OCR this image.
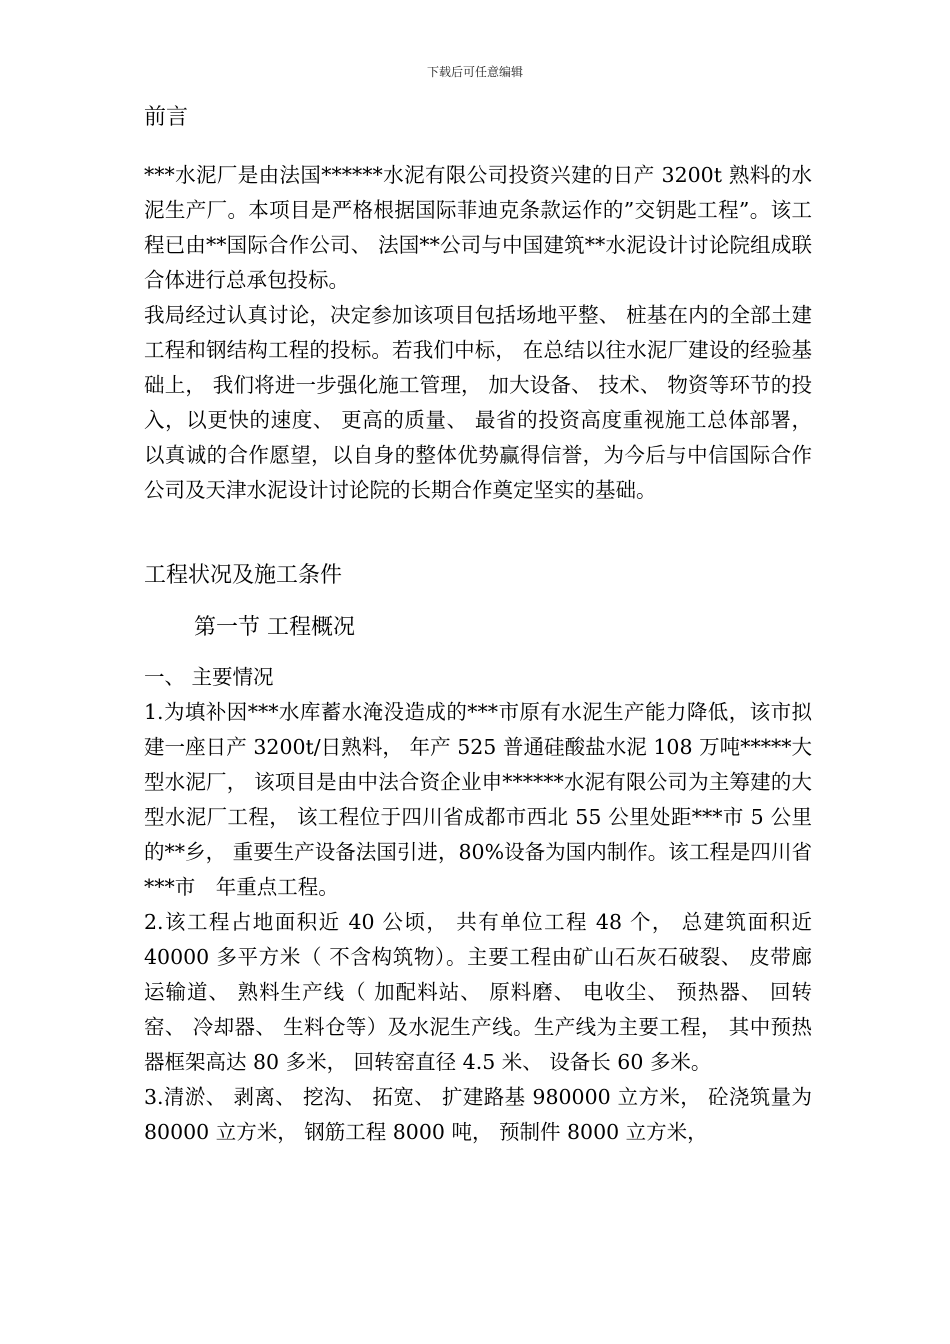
下载后可任意编辑
前言

***水泥厂是由法国******水泥有限公司投资兴建的日产 3200t 熟料的水泥生产厂。本项目是严格根据国际菲迪克条款运作的”交钥匙工程”。该工程已由**国际合作公司、 法国**公司与中国建筑**水泥设计讨论院组成联合体进行总承包投标。

我局经过认真讨论，决定参加该项目包括场地平整、 桩基在内的全部土建工程和钢结构工程的投标。若我们中标， 在总结以往水泥厂建设的经验基础上， 我们将进一步强化施工管理， 加大设备、 技术、 物资等环节的投入，以更快的速度、 更高的质量、 最省的投资高度重视施工总体部署，以真诚的合作愿望，以自身的整体优势赢得信誉，为今后与中信国际合作公司及天津水泥设计讨论院的长期合作奠定坚实的基础。

工程状况及施工条件
第一节 工程概况

一、 主要情况

1.为填补因***水库蓄水淹没造成的***市原有水泥生产能力降低，该市拟建一座日产 3200t/日熟料， 年产 525 普通硅酸盐水泥 108 万吨*****大型水泥厂， 该项目是由中法合资企业申******水泥有限公司为主筹建的大型水泥厂工程， 该工程位于四川省成都市西北 55 公里处距***市 5 公里的**乡， 重要生产设备法国引进，80%设备为国内制作。该工程是四川省***市　年重点工程。

2.该工程占地面积近 40 公顷， 共有单位工程 48 个， 总建筑面积近 40000 多平方米（ 不含构筑物）。主要工程由矿山石灰石破裂、 皮带廊运输道、 熟料生产线（ 加配料站、 原料磨、 电收尘、 预热器、 回转窑、 冷却器、 生料仓等）及水泥生产线。生产线为主要工程， 其中预热器框架高达 80 多米， 回转窑直径 4.5 米、 设备长 60 多米。

3.清淤、 剥离、 挖沟、 拓宽、 扩建路基 980000 立方米， 砼浇筑量为 80000 立方米， 钢筋工程 8000 吨， 预制件 8000 立方米，
